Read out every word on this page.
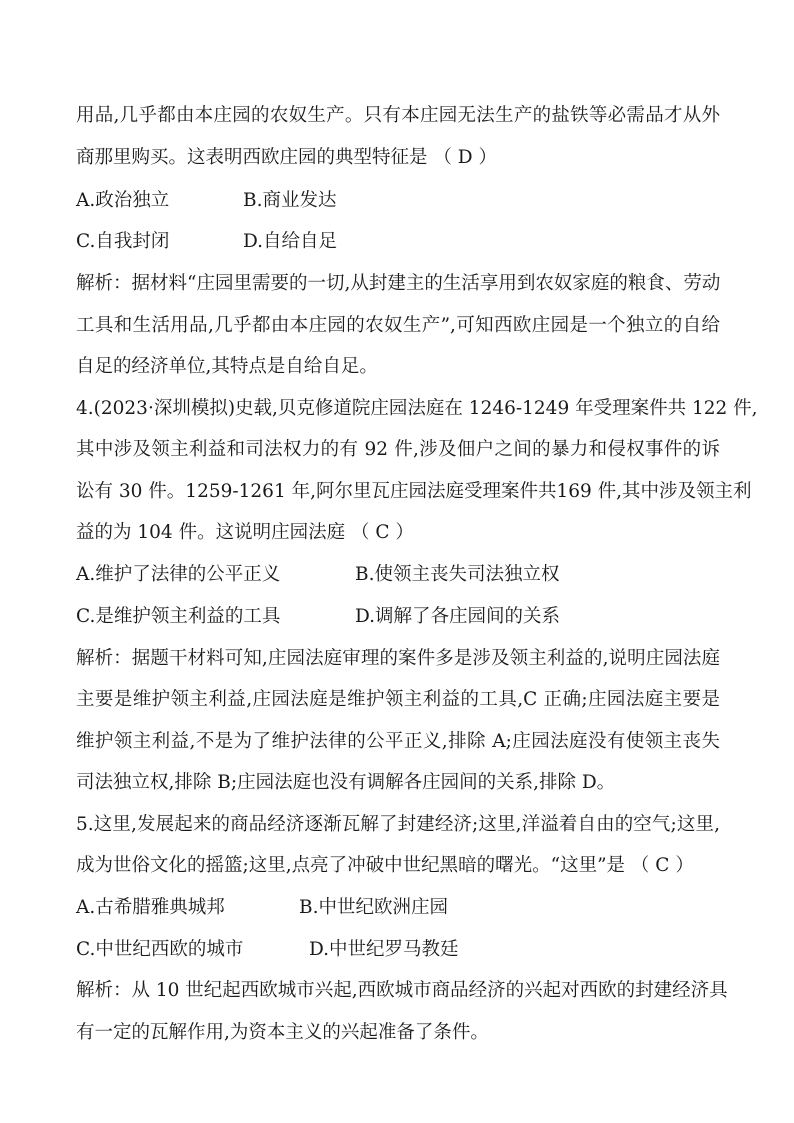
用品,几乎都由本庄园的农奴生产。只有本庄园无法生产的盐铁等必需品才从外
商那里购买。这表明西欧庄园的典型特征是 （ D ）
A.政治独立	B.商业发达
C.自我封闭	D.自给自足
解析：据材料“庄园里需要的一切,从封建主的生活享用到农奴家庭的粮食、劳动
工具和生活用品,几乎都由本庄园的农奴生产”,可知西欧庄园是一个独立的自给
自足的经济单位,其特点是自给自足。
4.(2023·深圳模拟)史载,贝克修道院庄园法庭在 1246-1249 年受理案件共 122 件,
其中涉及领主利益和司法权力的有 92 件,涉及佃户之间的暴力和侵权事件的诉
讼有 30 件。1259-1261 年,阿尔里瓦庄园法庭受理案件共169 件,其中涉及领主利
益的为 104 件。这说明庄园法庭 （ C ）
A.维护了法律的公平正义	B.使领主丧失司法独立权
C.是维护领主利益的工具	D.调解了各庄园间的关系
解析：据题干材料可知,庄园法庭审理的案件多是涉及领主利益的,说明庄园法庭
主要是维护领主利益,庄园法庭是维护领主利益的工具,C 正确;庄园法庭主要是
维护领主利益,不是为了维护法律的公平正义,排除 A;庄园法庭没有使领主丧失
司法独立权,排除 B;庄园法庭也没有调解各庄园间的关系,排除 D。
5.这里,发展起来的商品经济逐渐瓦解了封建经济;这里,洋溢着自由的空气;这里,
成为世俗文化的摇篮;这里,点亮了冲破中世纪黑暗的曙光。“这里”是 （ C ）
A.古希腊雅典城邦	B.中世纪欧洲庄园
C.中世纪西欧的城市	D.中世纪罗马教廷
解析：从 10 世纪起西欧城市兴起,西欧城市商品经济的兴起对西欧的封建经济具
有一定的瓦解作用,为资本主义的兴起准备了条件。
